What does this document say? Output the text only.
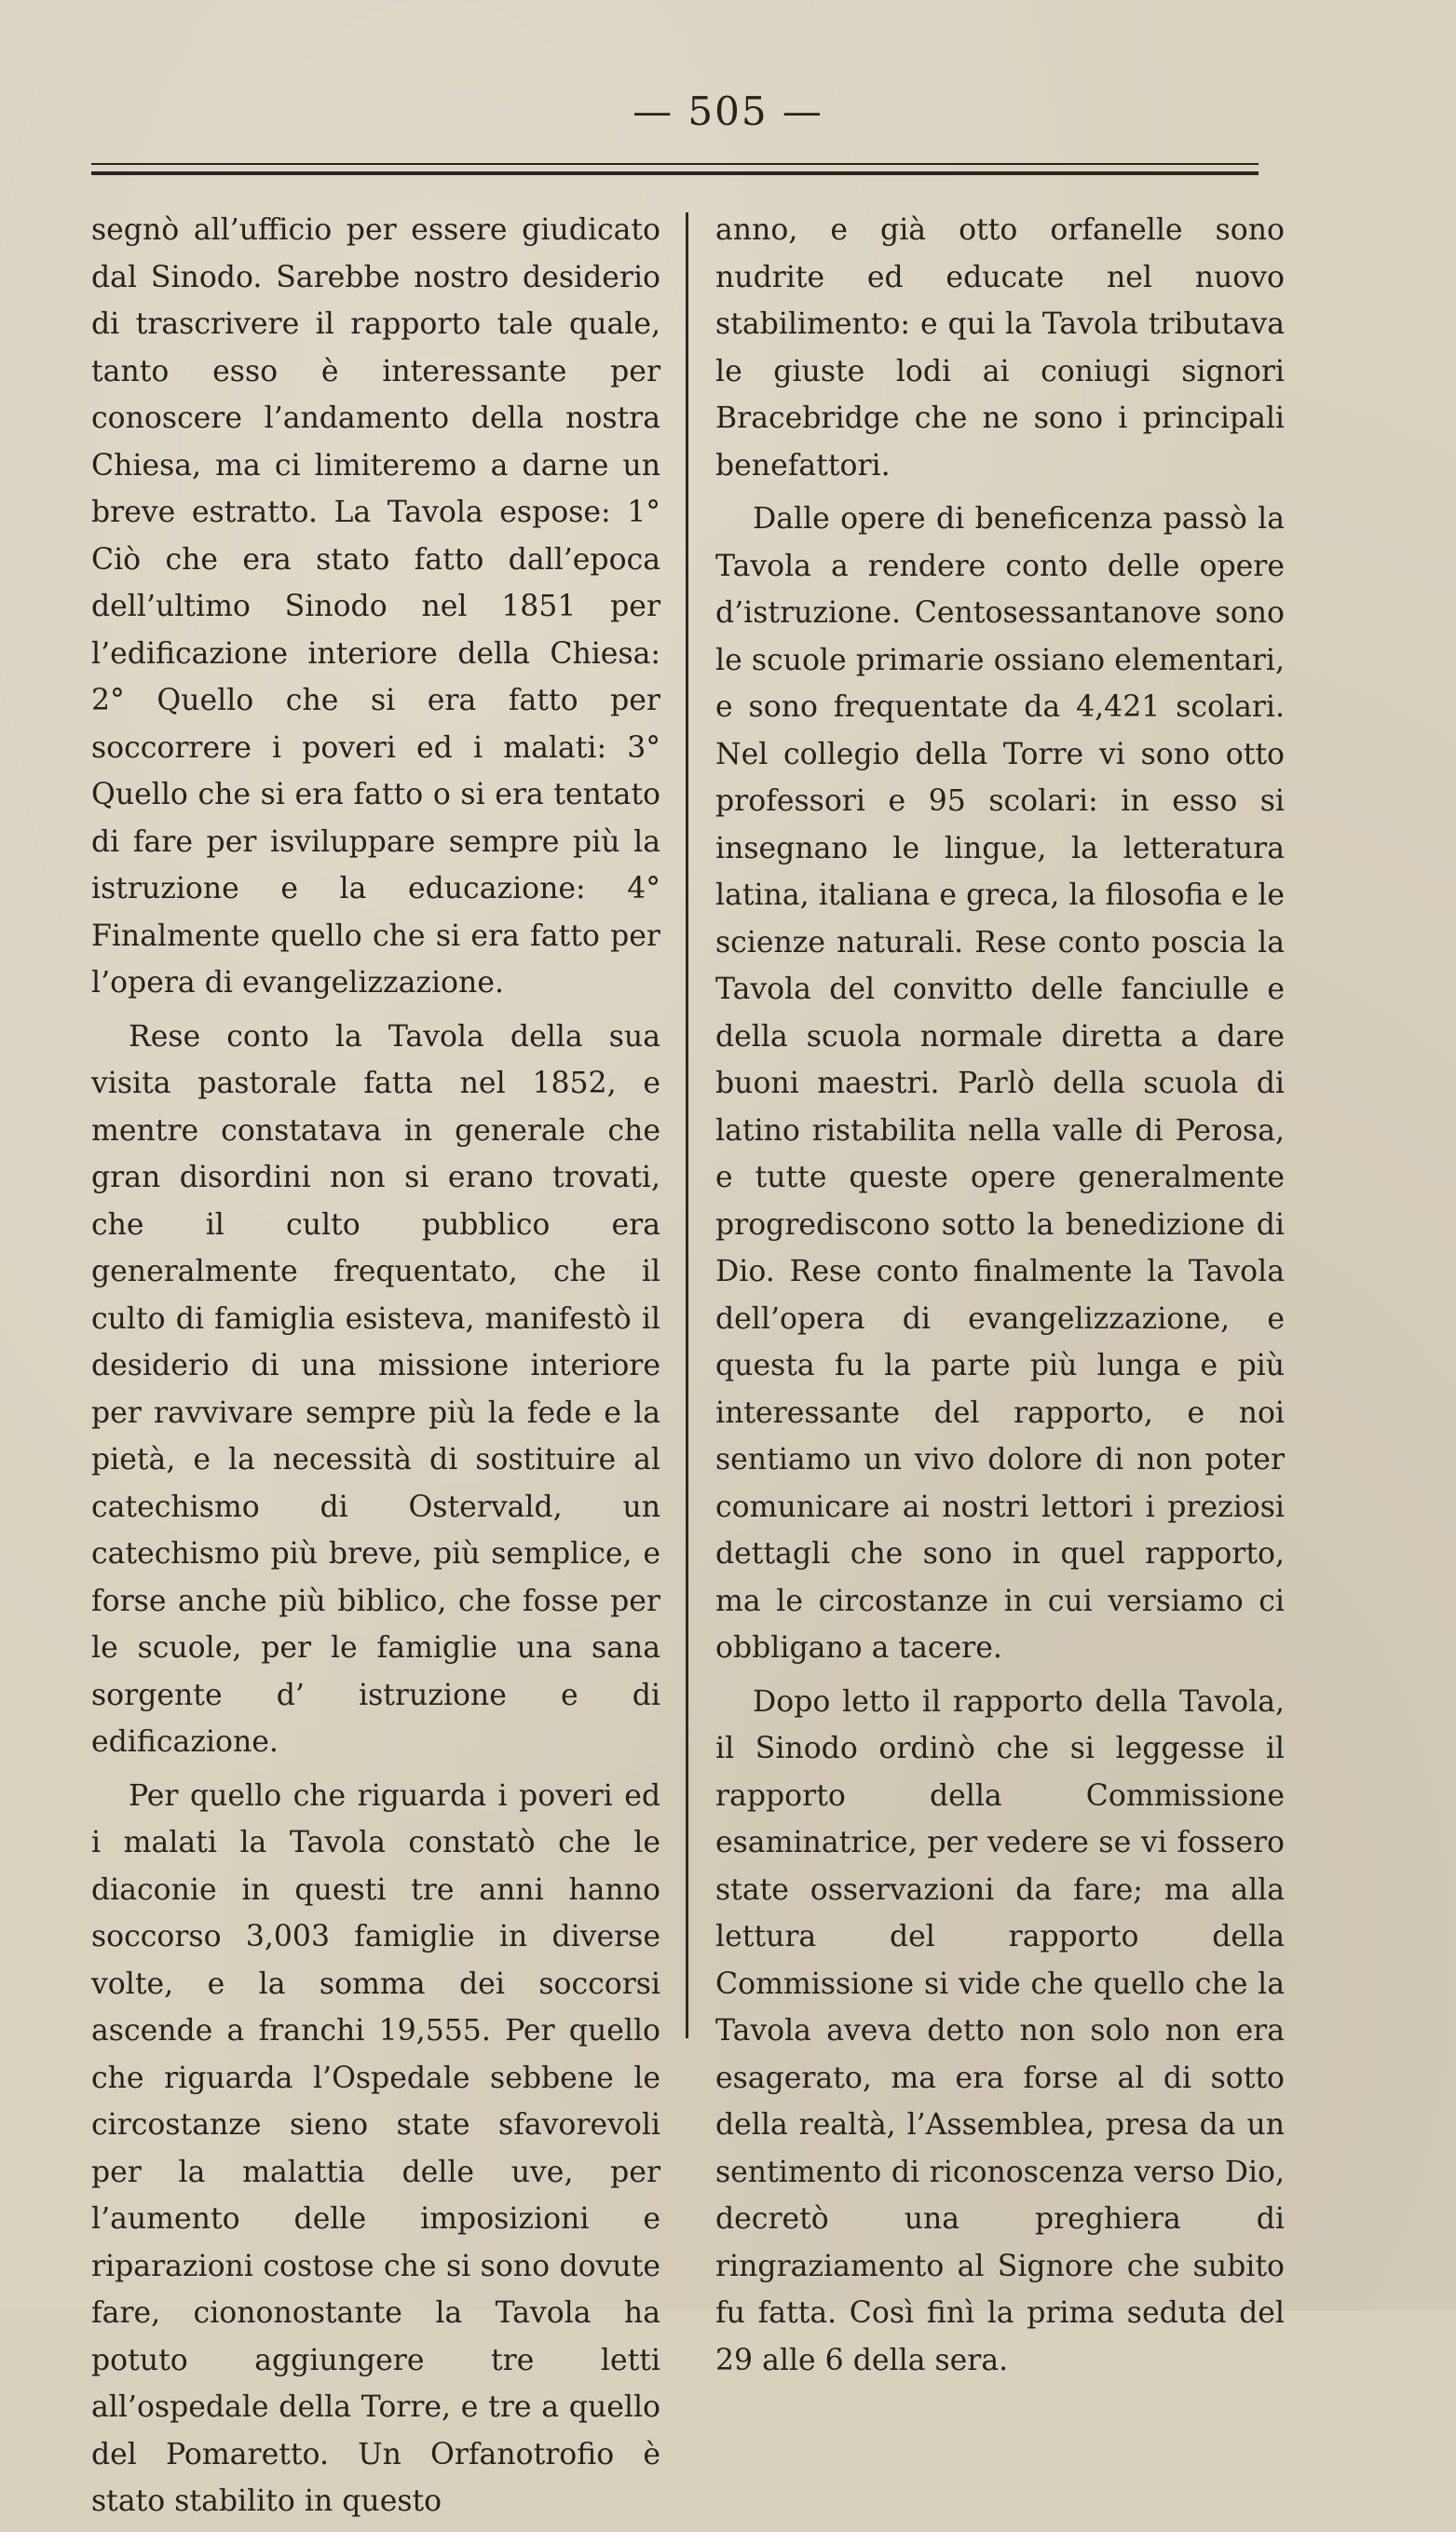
— 505 —

segnò all’ufficio per essere giudicato dal Sinodo. Sarebbe nostro desiderio di trascrivere il rapporto tale quale, tanto esso è interessante per conoscere l’andamento della nostra Chiesa, ma ci limiteremo a darne un breve estratto. La Tavola espose: 1° Ciò che era stato fatto dall’epoca dell’ultimo Sinodo nel 1851 per l’edificazione interiore della Chiesa: 2° Quello che si era fatto per soccorrere i poveri ed i malati: 3° Quello che si era fatto o si era tentato di fare per isviluppare sempre più la istruzione e la educazione: 4° Finalmente quello che si era fatto per l’opera di evangelizzazione.

Rese conto la Tavola della sua visita pastorale fatta nel 1852, e mentre constatava in generale che gran disordini non si erano trovati, che il culto pubblico era generalmente frequentato, che il culto di famiglia esisteva, manifestò il desiderio di una missione interiore per ravvivare sempre più la fede e la pietà, e la necessità di sostituire al catechismo di Ostervald, un catechismo più breve, più semplice, e forse anche più biblico, che fosse per le scuole, per le famiglie una sana sorgente d’ istruzione e di edificazione.

Per quello che riguarda i poveri ed i malati la Tavola constatò che le diaconie in questi tre anni hanno soccorso 3,003 famiglie in diverse volte, e la somma dei soccorsi ascende a franchi 19,555. Per quello che riguarda l’Ospedale sebbene le circostanze sieno state sfavorevoli per la malattia delle uve, per l’aumento delle imposizioni e riparazioni costose che si sono dovute fare, ciononostante la Tavola ha potuto aggiungere tre letti all’ospedale della Torre, e tre a quello del Pomaretto. Un Orfanotrofio è stato stabilito in questo

anno, e già otto orfanelle sono nudrite ed educate nel nuovo stabilimento: e qui la Tavola tributava le giuste lodi ai coniugi signori Bracebridge che ne sono i principali benefattori.

Dalle opere di beneficenza passò la Tavola a rendere conto delle opere d’istruzione. Centosessantanove sono le scuole primarie ossiano elementari, e sono frequentate da 4,421 scolari. Nel collegio della Torre vi sono otto professori e 95 scolari: in esso si insegnano le lingue, la letteratura latina, italiana e greca, la filosofia e le scienze naturali. Rese conto poscia la Tavola del convitto delle fanciulle e della scuola normale diretta a dare buoni maestri. Parlò della scuola di latino ristabilita nella valle di Perosa, e tutte queste opere generalmente progrediscono sotto la benedizione di Dio. Rese conto finalmente la Tavola dell’opera di evangelizzazione, e questa fu la parte più lunga e più interessante del rapporto, e noi sentiamo un vivo dolore di non poter comunicare ai nostri lettori i preziosi dettagli che sono in quel rapporto, ma le circostanze in cui versiamo ci obbligano a tacere.

Dopo letto il rapporto della Tavola, il Sinodo ordinò che si leggesse il rapporto della Commissione esaminatrice, per vedere se vi fossero state osservazioni da fare; ma alla lettura del rapporto della Commissione si vide che quello che la Tavola aveva detto non solo non era esagerato, ma era forse al di sotto della realtà, l’Assemblea, presa da un sentimento di riconoscenza verso Dio, decretò una preghiera di ringraziamento al Signore che subito fu fatta. Così finì la prima seduta del 29 alle 6 della sera.
